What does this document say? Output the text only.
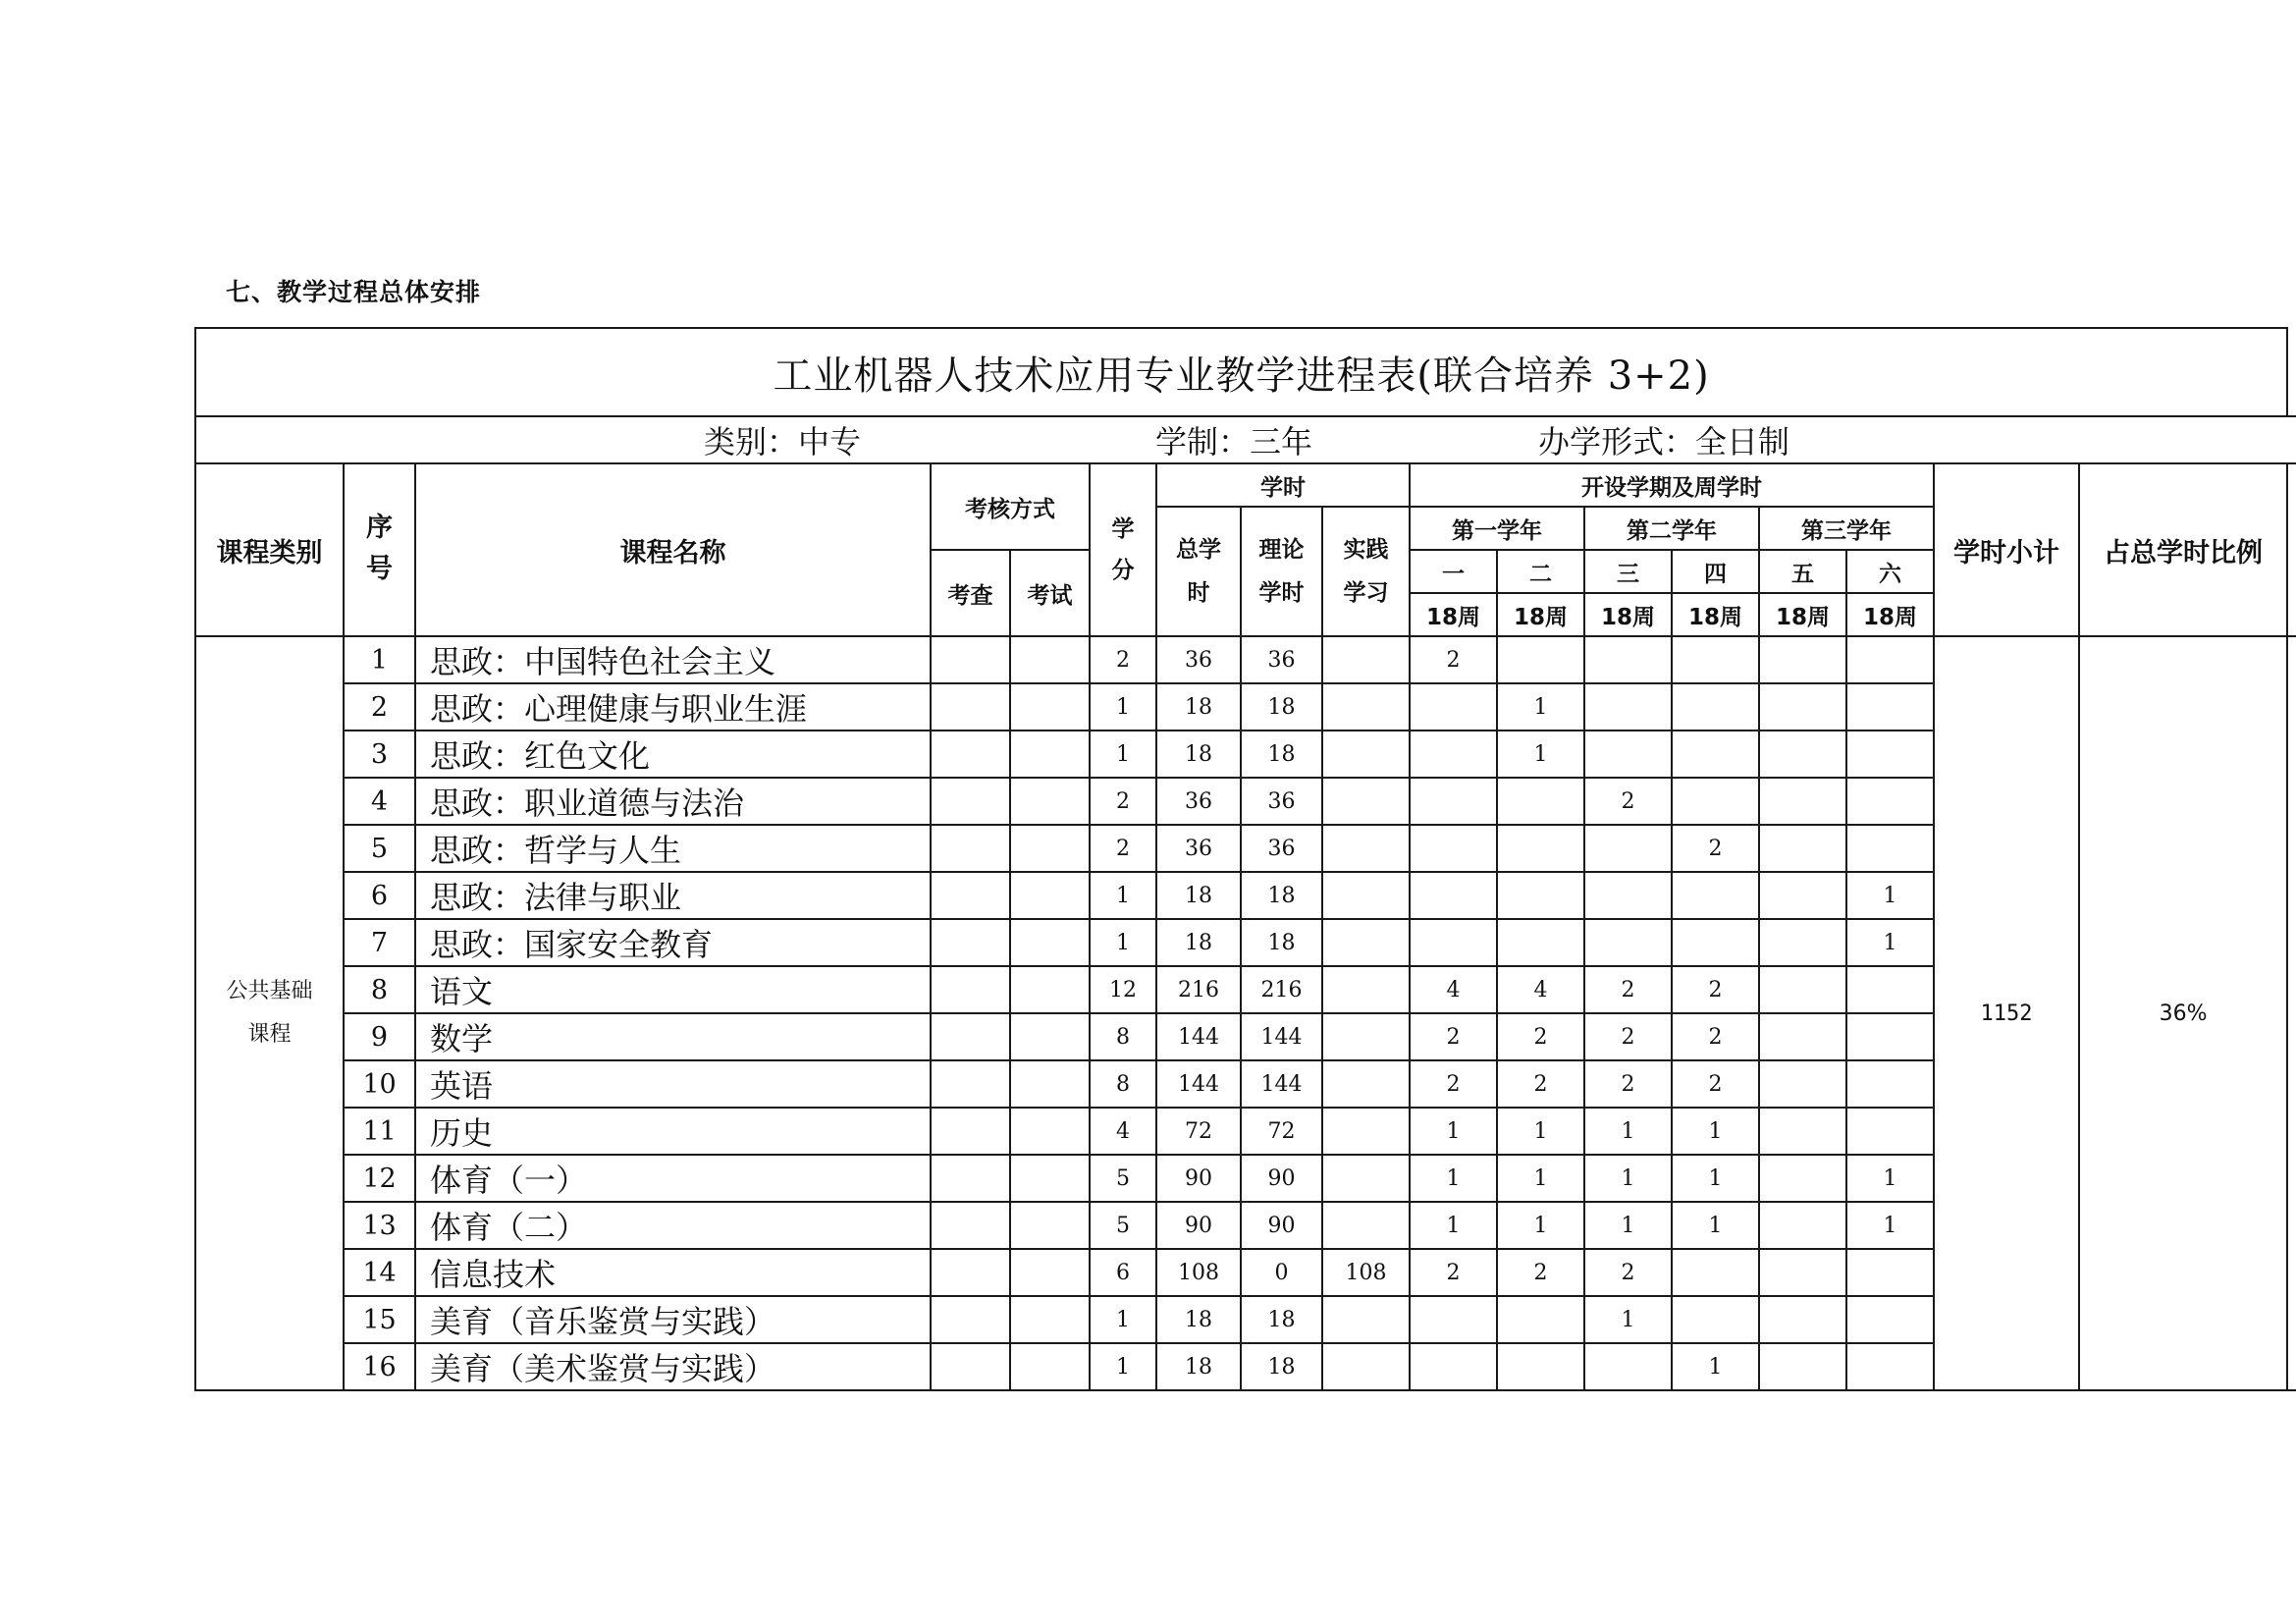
七、教学过程总体安排
工业机器人技术应用专业教学进程表(联合培养 3+2)																	

类别：中专 学制：三年 办学形式：全日制																	

课程类别	序号	课程名称	考核方式		学分	学时			开设学期及周学时						学时小计	占总学时比例	
						总学时	理论学时	实践学习	第一学年		第二学年		第三学年				
			考查	考试					一	二	三	四	五	六			
									18周	18周	18周	18周	18周	18周			
公共基础课程	1	思政：中国特色社会主义			2	36	36		2						1152	36%	
	2	思政：心理健康与职业生涯			1	18	18			1							
	3	思政：红色文化			1	18	18			1							
	4	思政：职业道德与法治			2	36	36				2						
	5	思政：哲学与人生			2	36	36					2					
	6	思政：法律与职业			1	18	18							1			
	7	思政：国家安全教育			1	18	18							1			
	8	语文			12	216	216		4	4	2	2					
	9	数学			8	144	144		2	2	2	2					
	10	英语			8	144	144		2	2	2	2					
	11	历史			4	72	72		1	1	1	1					
	12	体育（一）			5	90	90		1	1	1	1		1			
	13	体育（二）			5	90	90		1	1	1	1		1			
	14	信息技术			6	108	0	108	2	2	2						
	15	美育（音乐鉴赏与实践）			1	18	18				1						
	16	美育（美术鉴赏与实践）			1	18	18					1					
